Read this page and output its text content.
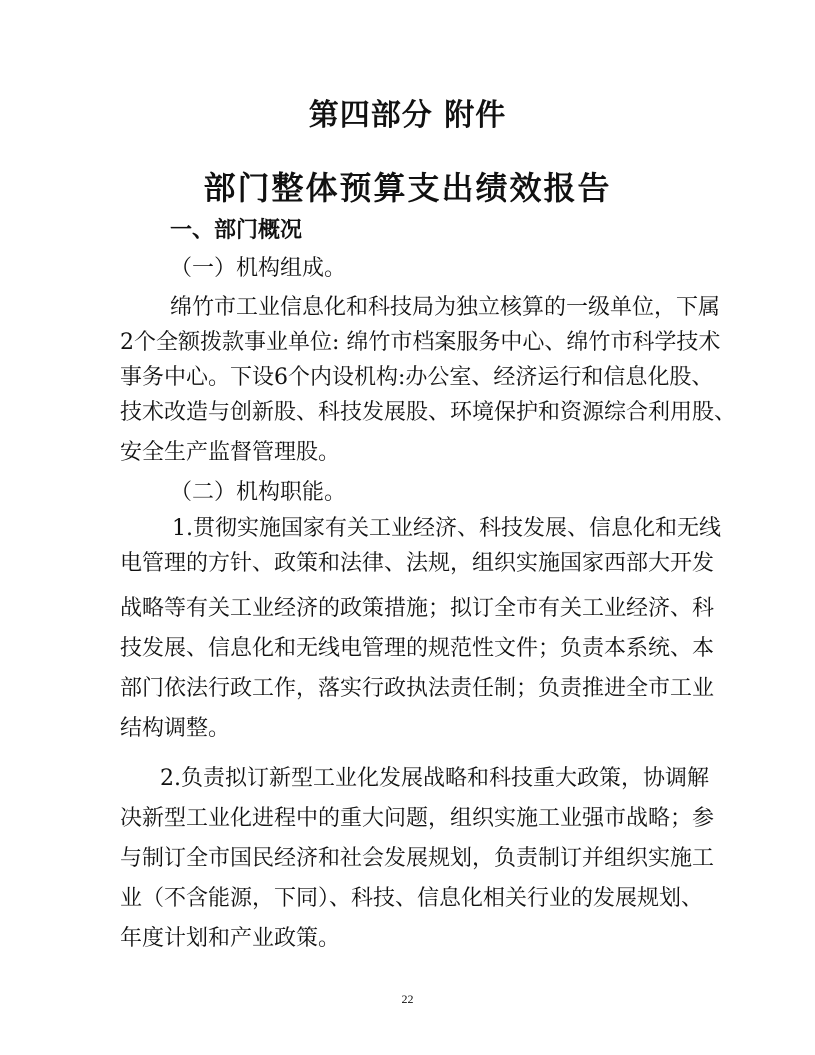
第四部分 附件
部门整体预算支出绩效报告

一、部门概况

（一）机构组成。

绵竹市工业信息化和科技局为独立核算的一级单位，下属

2个全额拨款事业单位: 绵竹市档案服务中心、绵竹市科学技术

事务中心。下设6个内设机构:办公室、经济运行和信息化股、

技术改造与创新股、科技发展股、环境保护和资源综合利用股、

安全生产监督管理股。

（二）机构职能。

1.贯彻实施国家有关工业经济、科技发展、信息化和无线

电管理的方针、政策和法律、法规，组织实施国家西部大开发

战略等有关工业经济的政策措施；拟订全市有关工业经济、科

技发展、信息化和无线电管理的规范性文件；负责本系统、本

部门依法行政工作，落实行政执法责任制；负责推进全市工业

结构调整。

2.负责拟订新型工业化发展战略和科技重大政策，协调解

决新型工业化进程中的重大问题，组织实施工业强市战略；参

与制订全市国民经济和社会发展规划，负责制订并组织实施工

业（不含能源，下同）、科技、信息化相关行业的发展规划、

年度计划和产业政策。

22
